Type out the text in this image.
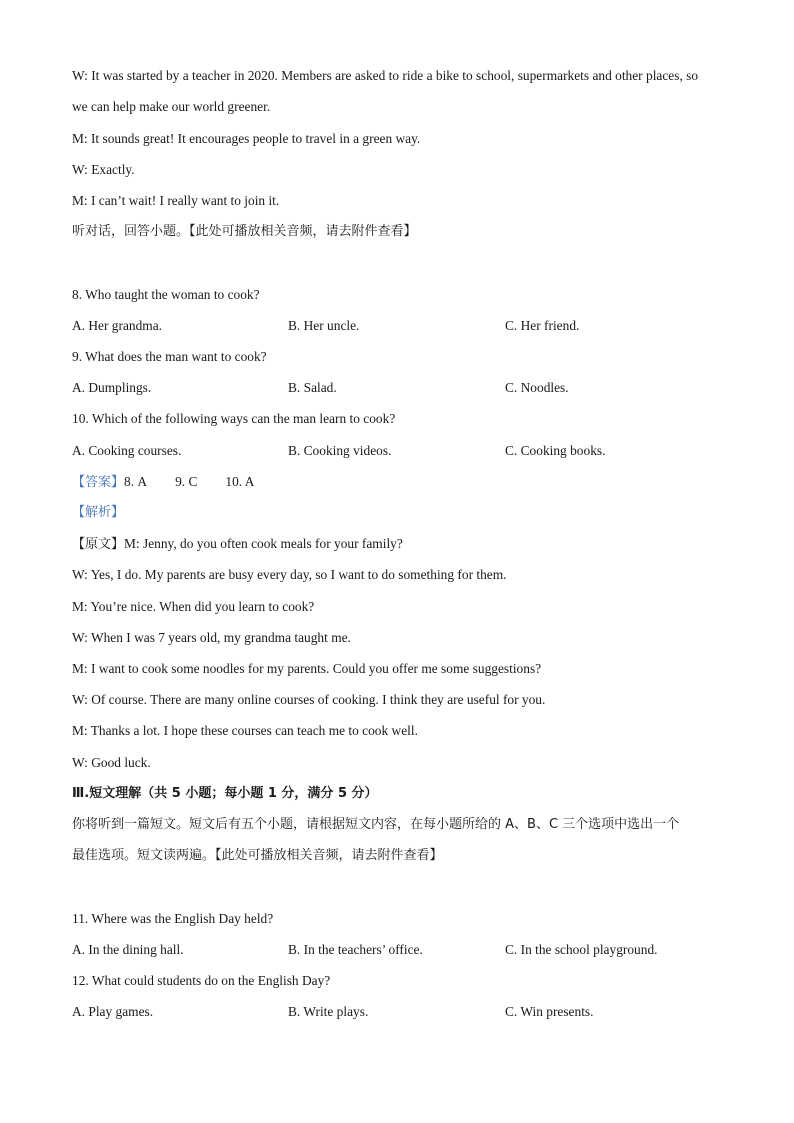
W: It was started by a teacher in 2020. Members are asked to ride a bike to school, supermarkets and other places, so
we can help make our world greener.
M: It sounds great! It encourages people to travel in a green way.
W: Exactly.
M: I can’t wait! I really want to join it.
听对话，回答小题。【此处可播放相关音频，请去附件查看】
8. Who taught the woman to cook?
A. Her grandma.	B. Her uncle.	C. Her friend.
9. What does the man want to cook?
A. Dumplings.	B. Salad.	C. Noodles.
10. Which of the following ways can the man learn to cook?
A. Cooking courses.	B. Cooking videos.	C. Cooking books.
【答案】8. A 9. C 10. A
【解析】
【原文】M: Jenny, do you often cook meals for your family?
W: Yes, I do. My parents are busy every day, so I want to do something for them.
M: You’re nice. When did you learn to cook?
W: When I was 7 years old, my grandma taught me.
M: I want to cook some noodles for my parents. Could you offer me some suggestions?
W: Of course. There are many online courses of cooking. I think they are useful for you.
M: Thanks a lot. I hope these courses can teach me to cook well.
W: Good luck.
Ⅲ.短文理解（共 5 小题；每小题 1 分，满分 5 分）
你将听到一篇短文。短文后有五个小题，请根据短文内容，在每小题所给的 A、B、C 三个选项中选出一个
最佳选项。短文读两遍。【此处可播放相关音频，请去附件查看】
11. Where was the English Day held?
A. In the dining hall.	B. In the teachers’ office.	C. In the school playground.
12. What could students do on the English Day?
A. Play games.	B. Write plays.	C. Win presents.
